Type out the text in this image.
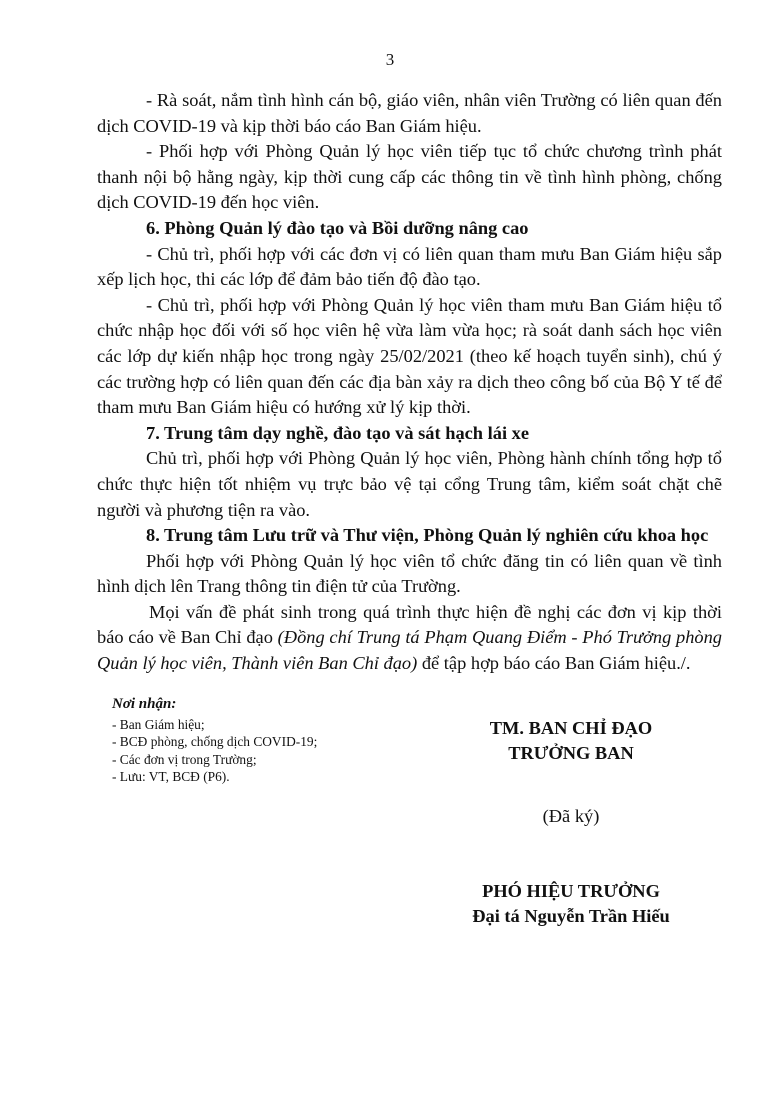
3

- Rà soát, nắm tình hình cán bộ, giáo viên, nhân viên Trường có liên quan đến dịch COVID-19 và kịp thời báo cáo Ban Giám hiệu.

- Phối hợp với Phòng Quản lý học viên tiếp tục tổ chức chương trình phát thanh nội bộ hằng ngày, kịp thời cung cấp các thông tin về tình hình phòng, chống dịch COVID-19 đến học viên.

6. Phòng Quản lý đào tạo và Bồi dưỡng nâng cao

- Chủ trì, phối hợp với các đơn vị có liên quan tham mưu Ban Giám hiệu sắp xếp lịch học, thi các lớp để đảm bảo tiến độ đào tạo.

- Chủ trì, phối hợp với Phòng Quản lý học viên tham mưu Ban Giám hiệu tổ chức nhập học đối với số học viên hệ vừa làm vừa học; rà soát danh sách học viên các lớp dự kiến nhập học trong ngày 25/02/2021 (theo kế hoạch tuyển sinh), chú ý các trường hợp có liên quan đến các địa bàn xảy ra dịch theo công bố của Bộ Y tế để tham mưu Ban Giám hiệu có hướng xử lý kịp thời.

7. Trung tâm dạy nghề, đào tạo và sát hạch lái xe

Chủ trì, phối hợp với Phòng Quản lý học viên, Phòng hành chính tổng hợp tổ chức thực hiện tốt nhiệm vụ trực bảo vệ tại cổng Trung tâm, kiểm soát chặt chẽ người và phương tiện ra vào.

8. Trung tâm Lưu trữ và Thư viện, Phòng Quản lý nghiên cứu khoa học

Phối hợp với Phòng Quản lý học viên tổ chức đăng tin có liên quan về tình hình dịch lên Trang thông tin điện tử của Trường.

Mọi vấn đề phát sinh trong quá trình thực hiện đề nghị các đơn vị kịp thời báo cáo về Ban Chỉ đạo (Đồng chí Trung tá Phạm Quang Điểm - Phó Trưởng phòng Quản lý học viên, Thành viên Ban Chỉ đạo) để tập hợp báo cáo Ban Giám hiệu./.

Nơi nhận:
- Ban Giám hiệu;
- BCĐ phòng, chống dịch COVID-19;
- Các đơn vị trong Trường;
- Lưu: VT, BCĐ (P6).
TM. BAN CHỈ ĐẠO
TRƯỞNG BAN
(Đã ký)
PHÓ HIỆU TRƯỞNG
Đại tá Nguyễn Trần Hiếu
